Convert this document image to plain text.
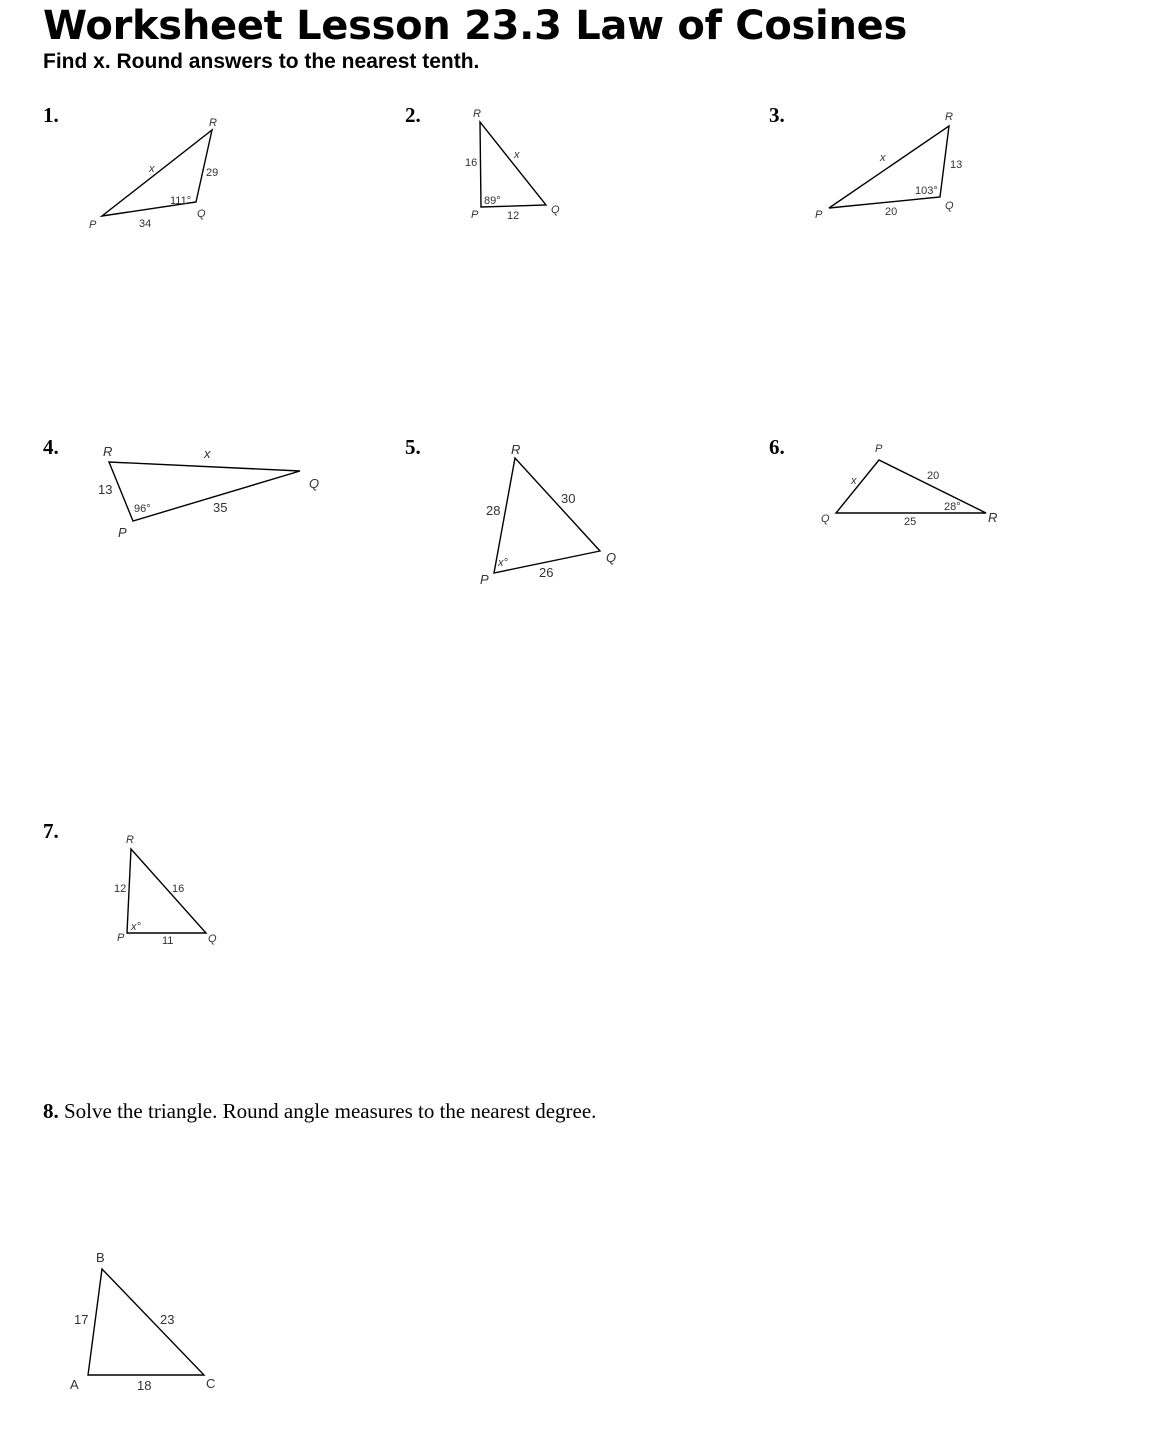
Worksheet Lesson 23.3 Law of Cosines
Find x. Round answers to the nearest tenth.
1.	2.	3.
4.	5.	6.
7.
8. Solve the triangle. Round angle measures to the nearest degree.
P
Q
R
34
29
x
111°
P	Q
R
16
12
x
89°
P
Q
R
20
13
x
103°
P
Q
R
13
35
x
96°
P
Q
R
28
30
26
x°
P
Q	R
x	20
25
28°
P	Q
R
12	16
11
x°
A
B
C
17	23
18
